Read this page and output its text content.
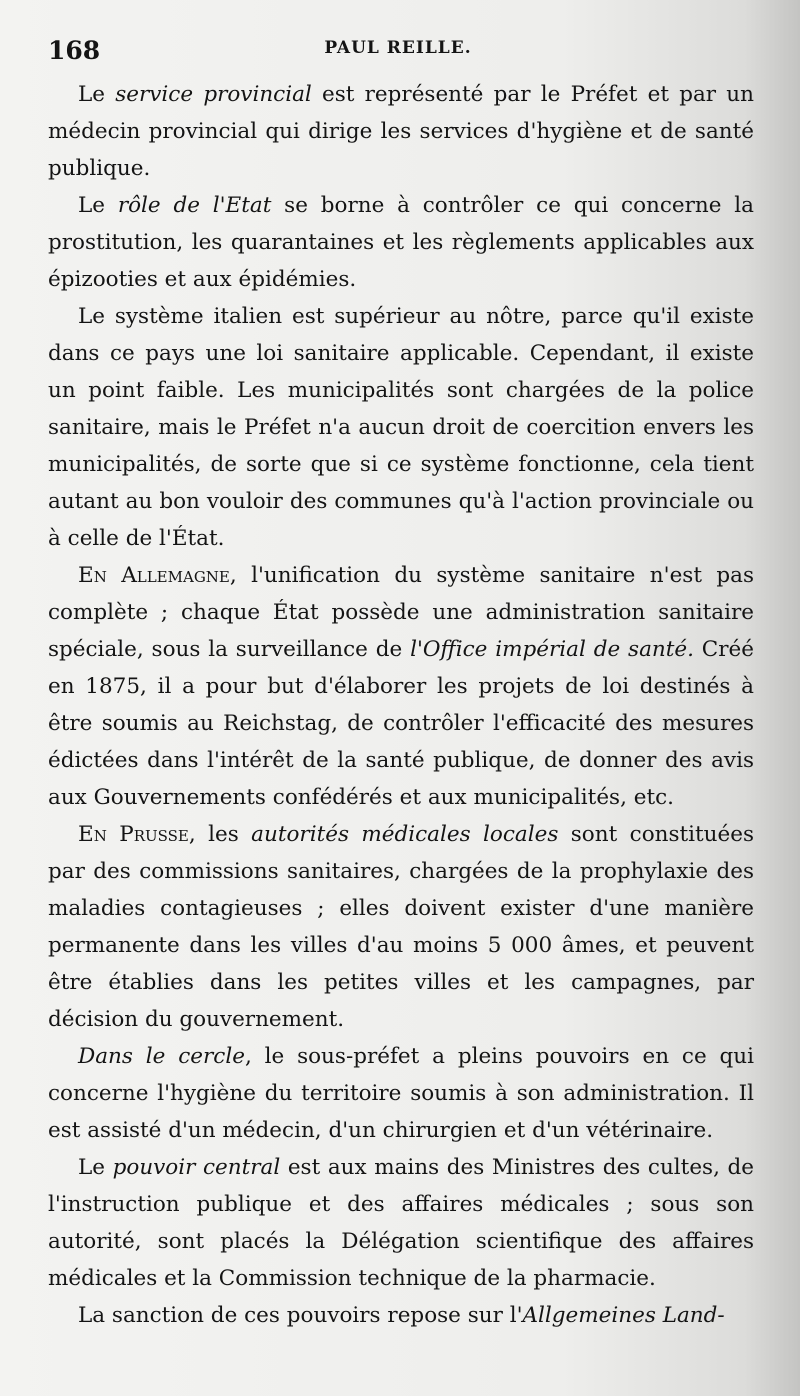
168	PAUL REILLE.

Le service provincial est représenté par le Préfet et par un médecin provincial qui dirige les services d'hygiène et de santé publique.

Le rôle de l'Etat se borne à contrôler ce qui concerne la prostitution, les quarantaines et les règlements applicables aux épizooties et aux épidémies.

Le système italien est supérieur au nôtre, parce qu'il existe dans ce pays une loi sanitaire applicable. Cependant, il existe un point faible. Les municipalités sont chargées de la police sanitaire, mais le Préfet n'a aucun droit de coercition envers les municipalités, de sorte que si ce système fonctionne, cela tient autant au bon vouloir des communes qu'à l'action provinciale ou à celle de l'État.

En Allemagne, l'unification du système sanitaire n'est pas complète ; chaque État possède une administration sanitaire spéciale, sous la surveillance de l'Office impérial de santé. Créé en 1875, il a pour but d'élaborer les projets de loi destinés à être soumis au Reichstag, de contrôler l'efficacité des mesures édictées dans l'intérêt de la santé publique, de donner des avis aux Gouvernements confédérés et aux municipalités, etc.

En Prusse, les autorités médicales locales sont constituées par des commissions sanitaires, chargées de la prophylaxie des maladies contagieuses ; elles doivent exister d'une manière permanente dans les villes d'au moins 5 000 âmes, et peuvent être établies dans les petites villes et les campagnes, par décision du gouvernement.

Dans le cercle, le sous-préfet a pleins pouvoirs en ce qui concerne l'hygiène du territoire soumis à son administration. Il est assisté d'un médecin, d'un chirurgien et d'un vétérinaire.

Le pouvoir central est aux mains des Ministres des cultes, de l'instruction publique et des affaires médicales ; sous son autorité, sont placés la Délégation scientifique des affaires médicales et la Commission technique de la pharmacie.

La sanction de ces pouvoirs repose sur l'Allgemeines Land-
